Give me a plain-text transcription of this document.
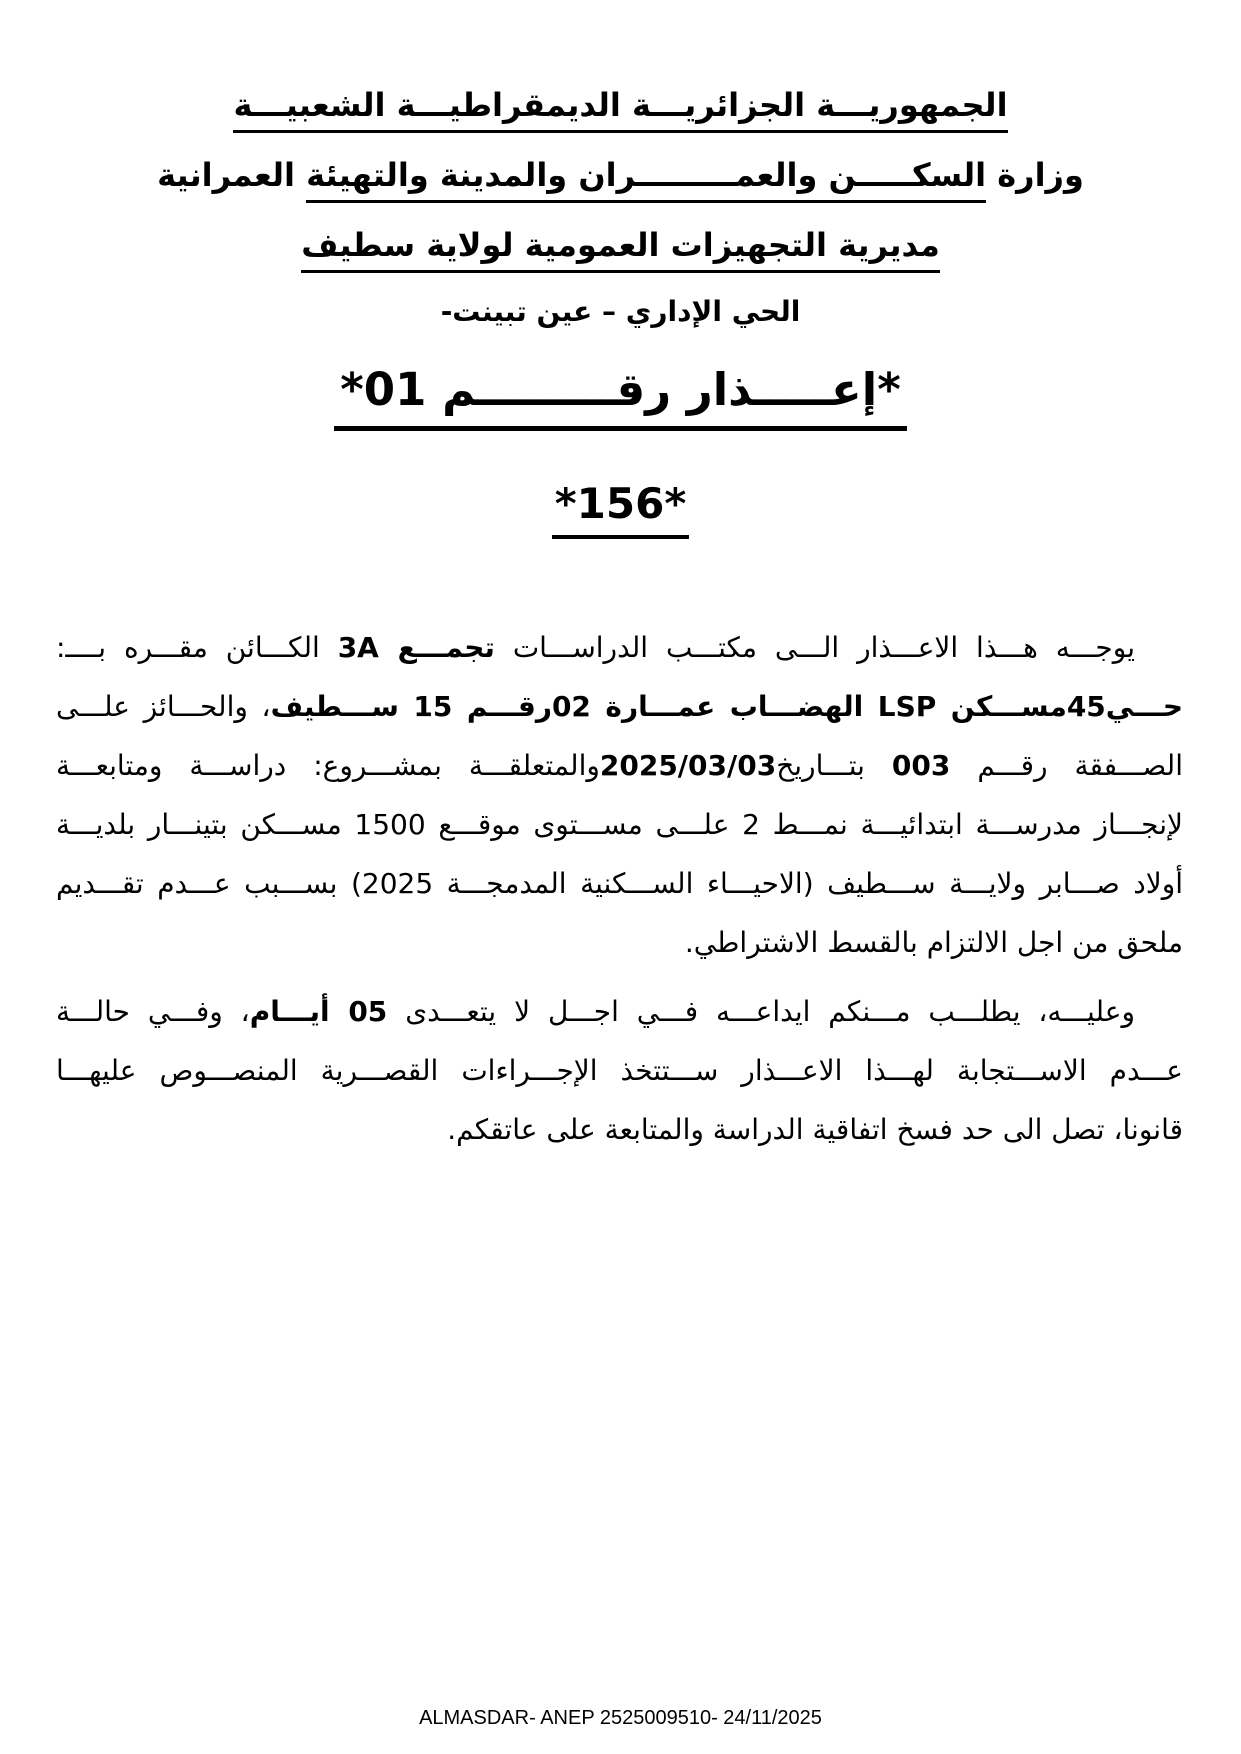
الجمهوريـــة الجزائريـــة الديمقراطيـــة الشعبيـــة
وزارة السكـــــن والعمـــــــــران والمدينة والتهيئة العمرانية
مديرية التجهيزات العمومية لولاية سطيف
الحي الإداري – عين تبينت-
*إعـــــذار رقـــــــــم 01*
*156*
يوجـــه هـــذا الاعـــذار الـــى مكتـــب الدراســـات تجمـــع 3A الكـــائن مقـــره بــــ:
حـــي45مســـكن LSP الهضـــاب عمـــارة 02رقـــم 15 ســـطيف، والحـــائز علـــى
الصـــفقة رقـــم 003 بتـــاريخ2025/03/03والمتعلقـــة بمشـــروع: دراســـة ومتابعـــة
لإنجـــاز مدرســـة ابتدائيـــة نمـــط 2 علـــى مســـتوى موقـــع 1500 مســـكن بتينـــار بلديـــة
أولاد صـــابر ولايـــة ســـطيف (الاحيـــاء الســـكنية المدمجـــة 2025) بســـبب عـــدم تقـــديم
ملحق من اجل الالتزام بالقسط الاشتراطي.
وعليـــه، يطلـــب مـــنكم ايداعـــه فـــي اجـــل لا يتعـــدى 05 أيـــام، وفـــي حالـــة
عـــدم الاســـتجابة لهـــذا الاعـــذار ســـتتخذ الإجـــراءات القصـــرية المنصـــوص عليهـــا
قانونا، تصل الى حد فسخ اتفاقية الدراسة والمتابعة على عاتقكم.
ALMASDAR- ANEP 2525009510- 24/11/2025
